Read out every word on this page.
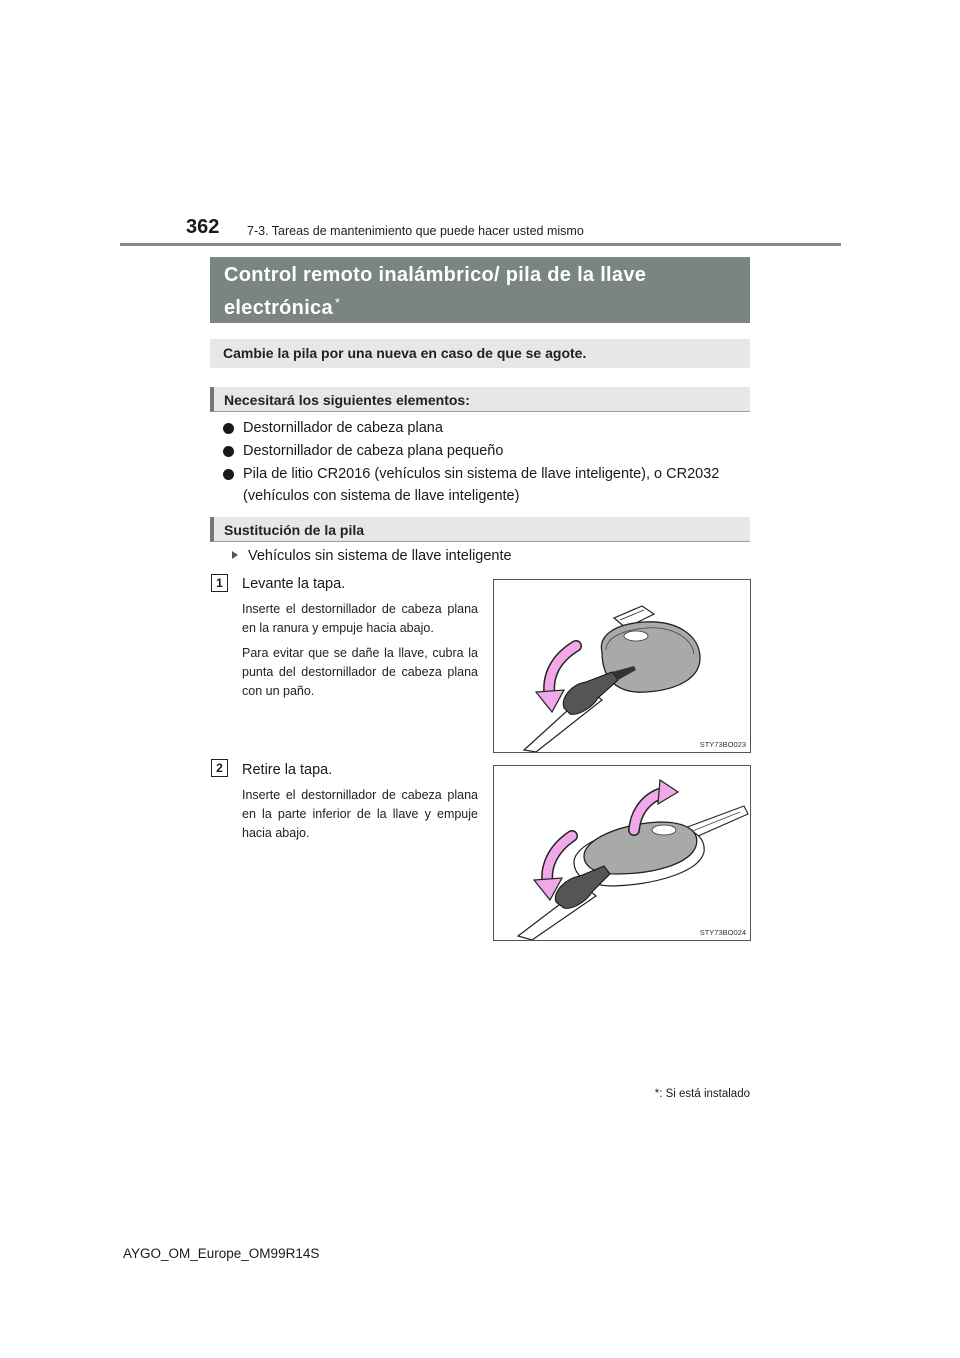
362 7-3. Tareas de mantenimiento que puede hacer usted mismo
Control remoto inalámbrico/ pila de la llave electrónica *
Cambie la pila por una nueva en caso de que se agote.
Necesitará los siguientes elementos:
Destornillador de cabeza plana
Destornillador de cabeza plana pequeño
Pila de litio CR2016 (vehículos sin sistema de llave inteligente), o CR2032 (vehículos con sistema de llave inteligente)
Sustitución de la pila
Vehículos sin sistema de llave inteligente
1	Levante la tapa.

Inserte el destornillador de cabeza plana en la ranura y empuje hacia abajo.

Para evitar que se dañe la llave, cubra la punta del destornillador de cabeza plana con un paño.

STY73BO023
2	Retire la tapa.

Inserte el destornillador de cabeza plana en la parte inferior de la llave y empuje hacia abajo.

STY73BO024
*: Si está instalado
AYGO_OM_Europe_OM99R14S
